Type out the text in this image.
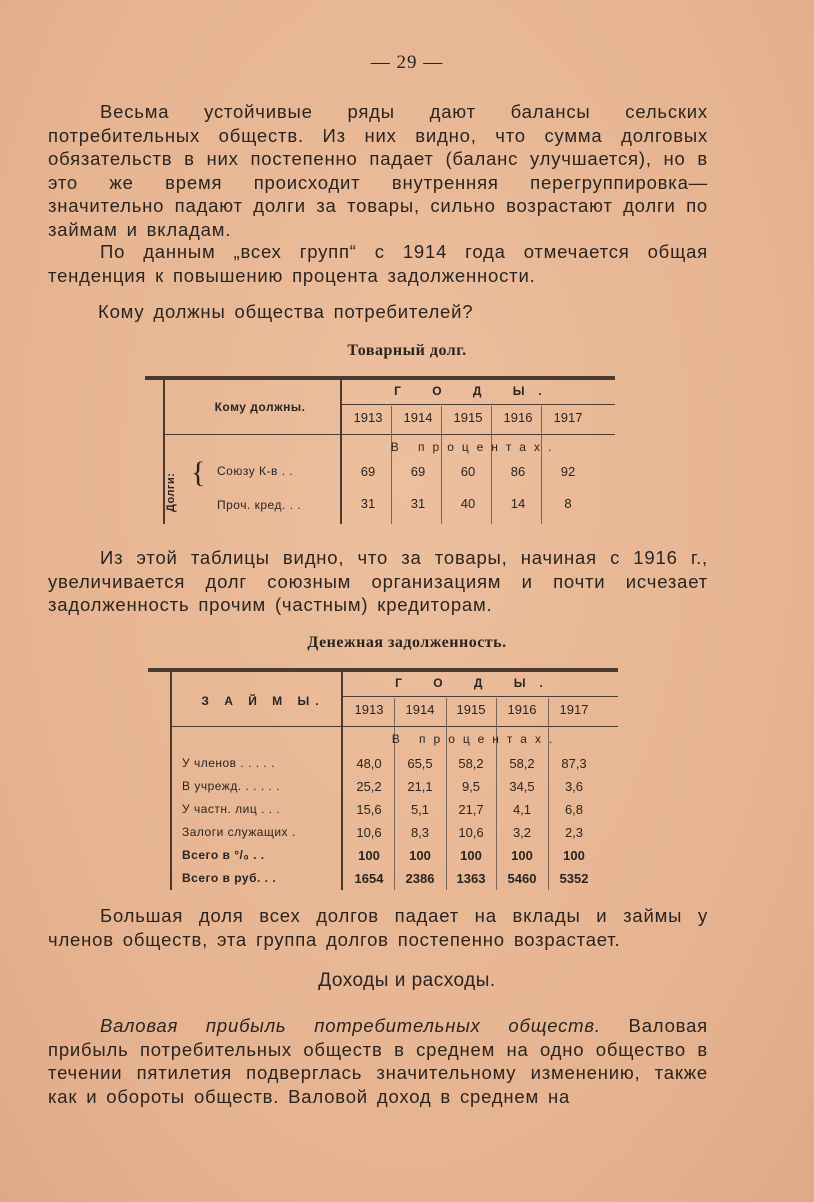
— 29 —
Весьма устойчивые ряды дают балансы сельских потребительных обществ. Из них видно, что сумма долговых обязательств в них постепенно падает (баланс улучшается), но в это же время происходит внутренняя перегруппировка— значительно падают долги за товары, сильно возрастают долги по займам и вкладам.
По данным „всех групп“ с 1914 года отмечается общая тенденция к повышению процента задолженности.
Кому должны общества потребителей?
Товарный долг.
Кому должны.
Г О Д Ы.
1913	1914	1915	1916	1917
В процентах.
Долги:
{ Союзу К-в . .	69	69	60	86	92
Проч. кред. . .	31	31	40	14	8
Из этой таблицы видно, что за товары, начиная с 1916 г., увеличивается долг союзным организациям и почти исчезает задолженность прочим (частным) кредиторам.
Денежная задолженность.
З А Й М Ы.
Г О Д Ы.
1913	1914	1915	1916	1917
В процентах.
У членов . . . . .	48,0	65,5	58,2	58,2	87,3
В учрежд. . . . . .	25,2	21,1	9,5	34,5	3,6
У частн. лиц . . .	15,6	5,1	21,7	4,1	6,8
Залоги служащих .	10,6	8,3	10,6	3,2	2,3
Всего в °/₀ . .	100	100	100	100	100
Всего в руб. . .	1654	2386	1363	5460	5352
Большая доля всех долгов падает на вклады и займы у членов обществ, эта группа долгов постепенно возрастает.
Доходы и расходы.
Валовая прибыль потребительных обществ. Валовая прибыль потребительных обществ в среднем на одно общество в течении пятилетия подверглась значительному изменению, также как и обороты обществ. Валовой доход в среднем на
